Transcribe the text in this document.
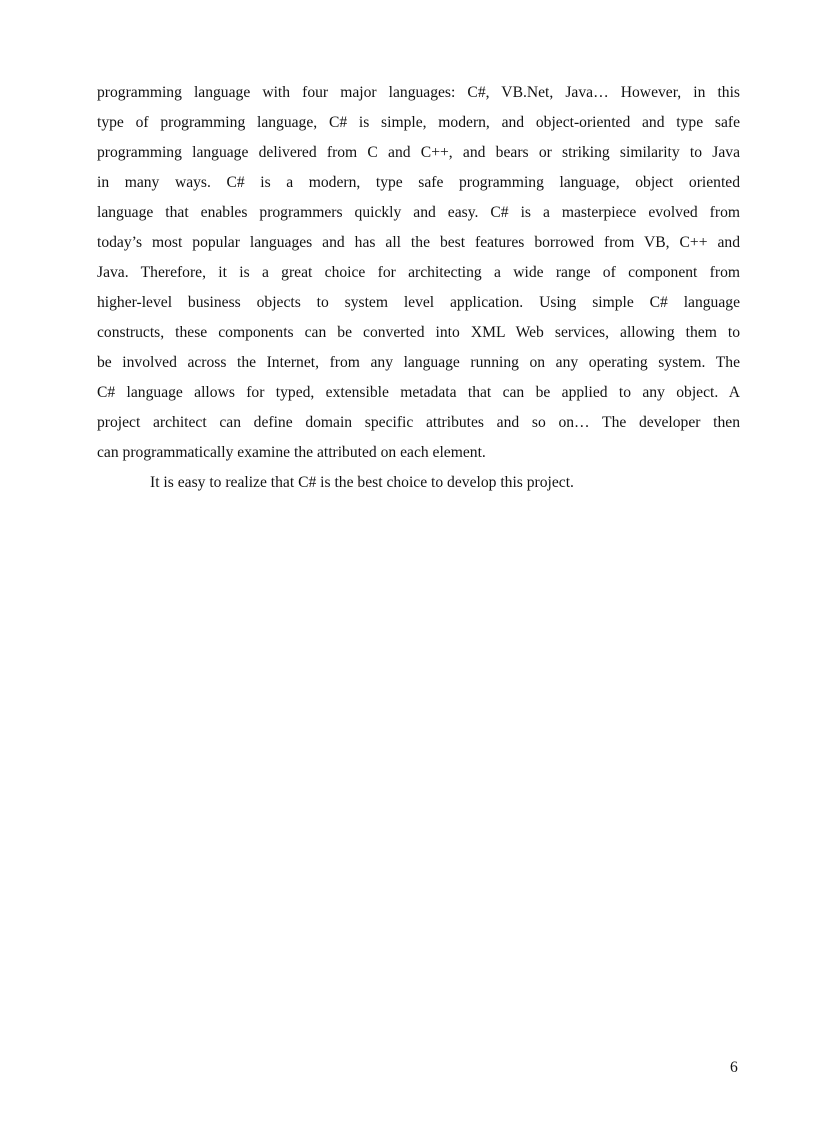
programming language with four major languages: C#, VB.Net, Java… However, in this
type of programming language, C# is simple, modern, and object-oriented and type safe
programming language delivered from C and C++, and bears or striking similarity to Java
in many ways. C# is a modern, type safe programming language, object oriented
language that enables programmers quickly and easy. C# is a masterpiece evolved from
today’s most popular languages and has all the best features borrowed from VB, C++ and
Java. Therefore, it is a great choice for architecting a wide range of component from
higher-level business objects to system level application. Using simple C# language
constructs, these components can be converted into XML Web services, allowing them to
be involved across the Internet, from any language running on any operating system. The
C# language allows for typed, extensible metadata that can be applied to any object. A
project architect can define domain specific attributes and so on… The developer then
can programmatically examine the attributed on each element.

It is easy to realize that C# is the best choice to develop this project.

6
